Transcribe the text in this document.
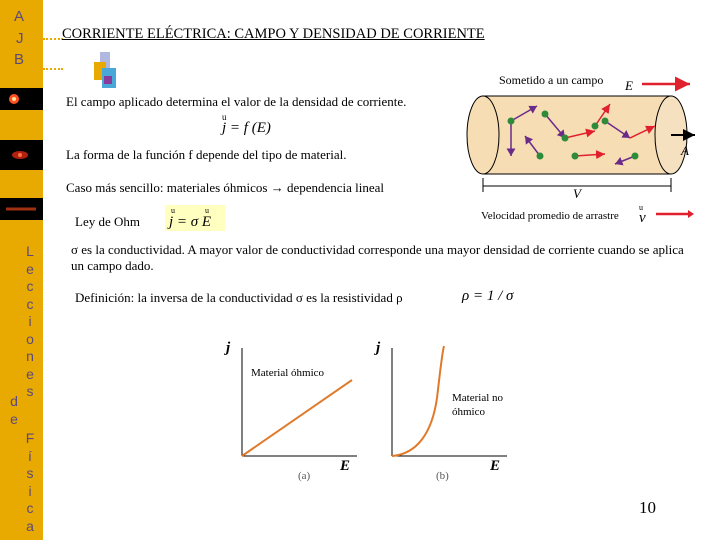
A
J
B
L
e
c
c
i
o
n
e
s
d
e
F
í
s
i
c
a
CORRIENTE ELÉCTRICA: CAMPO Y DENSIDAD DE CORRIENTE
Sometido a un campo E
A
V
El campo aplicado determina el valor de la densidad de corriente.
u
j = f (E)
La forma de la función f depende del tipo de material.
Caso más sencillo: materiales óhmicos → dependencia lineal
Ley de Ohm
u	u
j = σ E	Velocidad promedio de arrastre
u
v
σ es la conductividad. A mayor valor de conductividad corresponde una mayor densidad de corriente cuando se aplica un campo dado.
Definición: la inversa de la conductividad σ es la resistividad ρ	ρ = 1 / σ
j
E
(a)
Material óhmico
j
E
(b)
Material no óhmico
10
